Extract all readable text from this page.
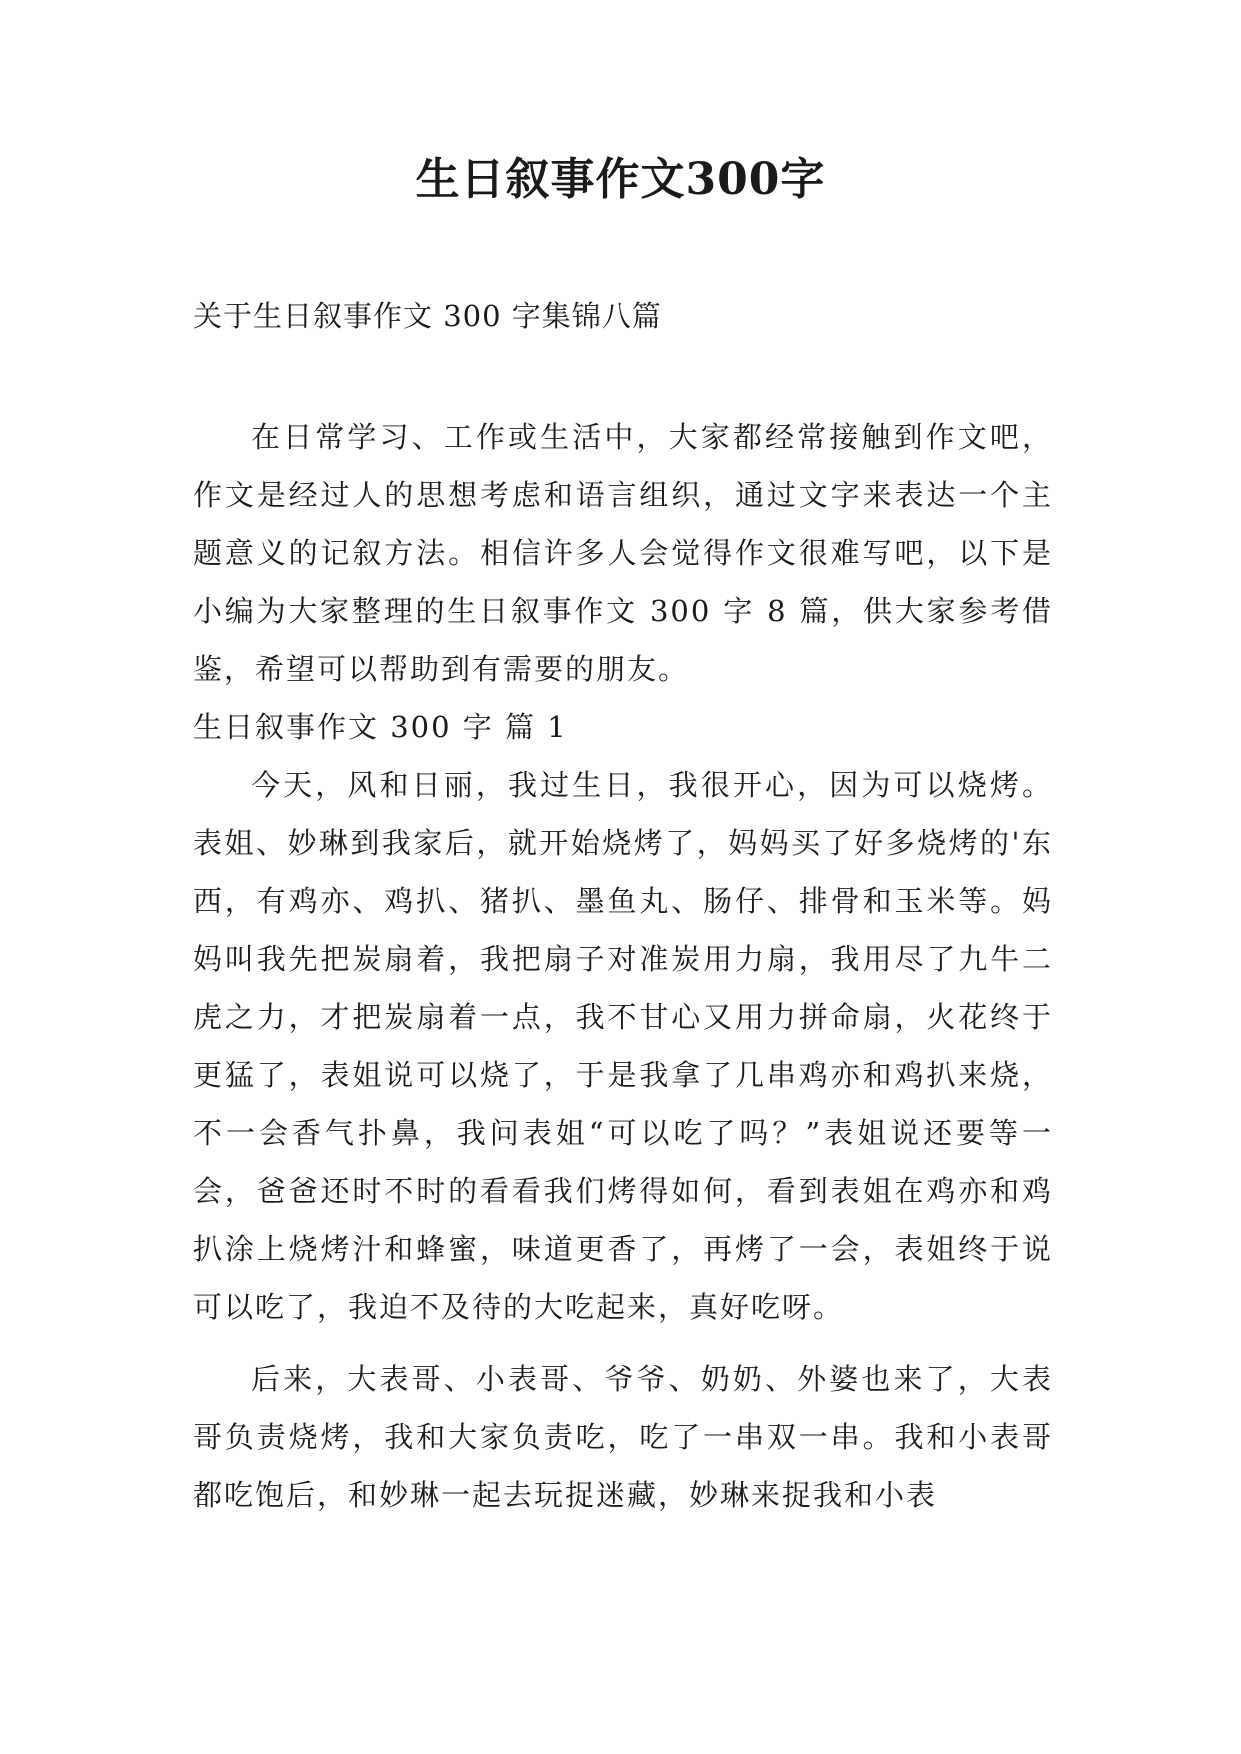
生日叙事作文300字
关于生日叙事作文 300 字集锦八篇

在日常学习、工作或生活中，大家都经常接触到作文吧，作文是经过人的思想考虑和语言组织，通过文字来表达一个主题意义的记叙方法。相信许多人会觉得作文很难写吧，以下是小编为大家整理的生日叙事作文 300 字 8 篇，供大家参考借鉴，希望可以帮助到有需要的朋友。

生日叙事作文 300 字 篇 1

今天，风和日丽，我过生日，我很开心，因为可以烧烤。表姐、妙琳到我家后，就开始烧烤了，妈妈买了好多烧烤的'东西，有鸡亦、鸡扒、猪扒、墨鱼丸、肠仔、排骨和玉米等。妈妈叫我先把炭扇着，我把扇子对准炭用力扇，我用尽了九牛二虎之力，才把炭扇着一点，我不甘心又用力拼命扇，火花终于更猛了，表姐说可以烧了，于是我拿了几串鸡亦和鸡扒来烧，不一会香气扑鼻，我问表姐“可以吃了吗？”表姐说还要等一会，爸爸还时不时的看看我们烤得如何，看到表姐在鸡亦和鸡扒涂上烧烤汁和蜂蜜，味道更香了，再烤了一会，表姐终于说可以吃了，我迫不及待的大吃起来，真好吃呀。

后来，大表哥、小表哥、爷爷、奶奶、外婆也来了，大表哥负责烧烤，我和大家负责吃，吃了一串双一串。我和小表哥都吃饱后，和妙琳一起去玩捉迷藏，妙琳来捉我和小表
